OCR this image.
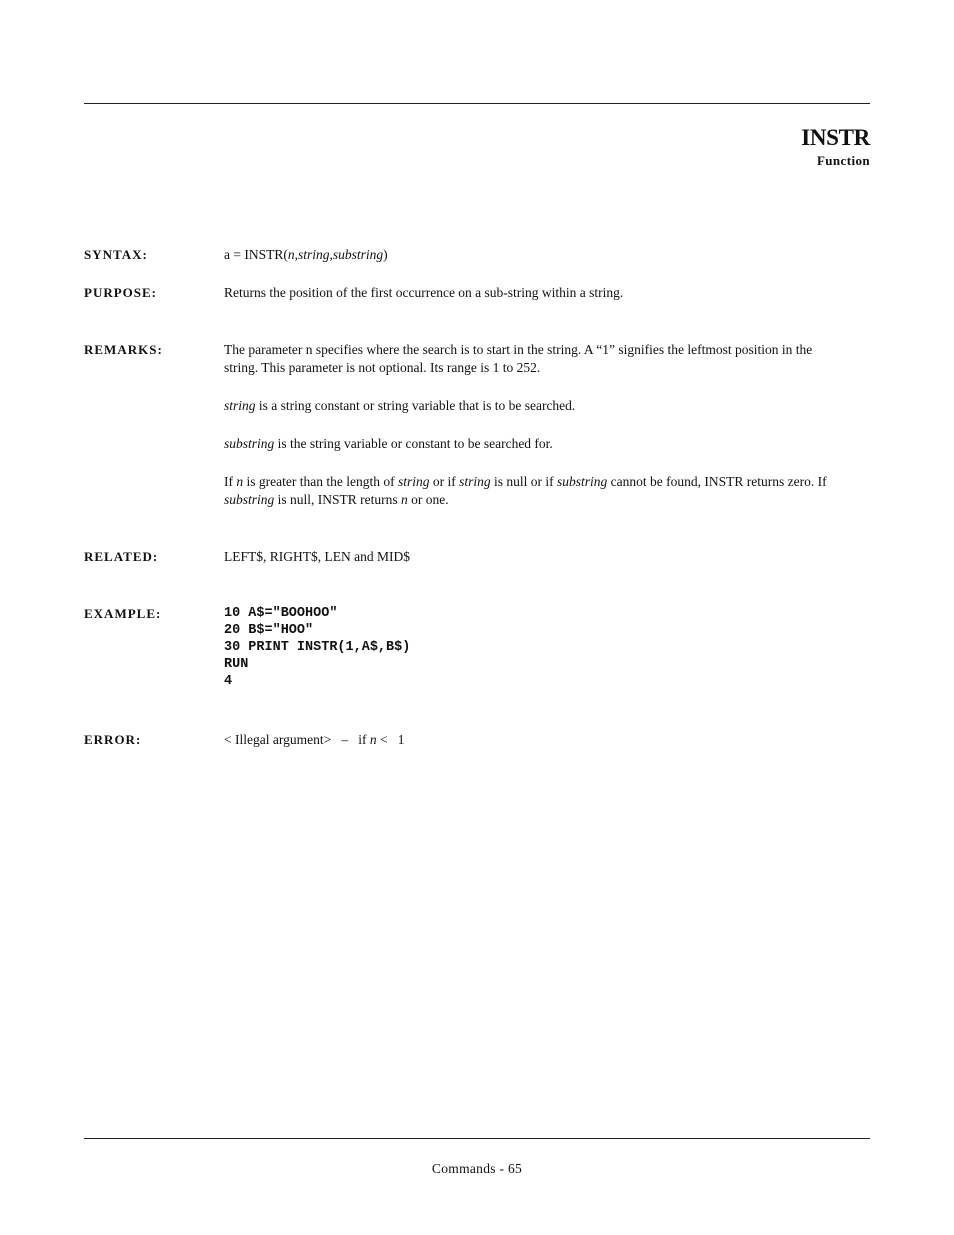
INSTR
Function
SYNTAX:	a = INSTR(n,string,substring)
PURPOSE:	Returns the position of the first occurrence on a sub-string within a string.
REMARKS:	The parameter n specifies where the search is to start in the string. A “1” signifies the leftmost position in the string. This parameter is not optional. Its range is 1 to 252.

string is a string constant or string variable that is to be searched.

substring is the string variable or constant to be searched for.

If n is greater than the length of string or if string is null or if substring cannot be found, INSTR returns zero. If substring is null, INSTR returns n or one.

RELATED:	LEFT$, RIGHT$, LEN and MID$
EXAMPLE:	10 A$="BOOHOO"
20 B$="HOO"
30 PRINT INSTR(1,A$,B$)
RUN
4
ERROR:	< Illegal argument>   –   if n <   1
Commands - 65
